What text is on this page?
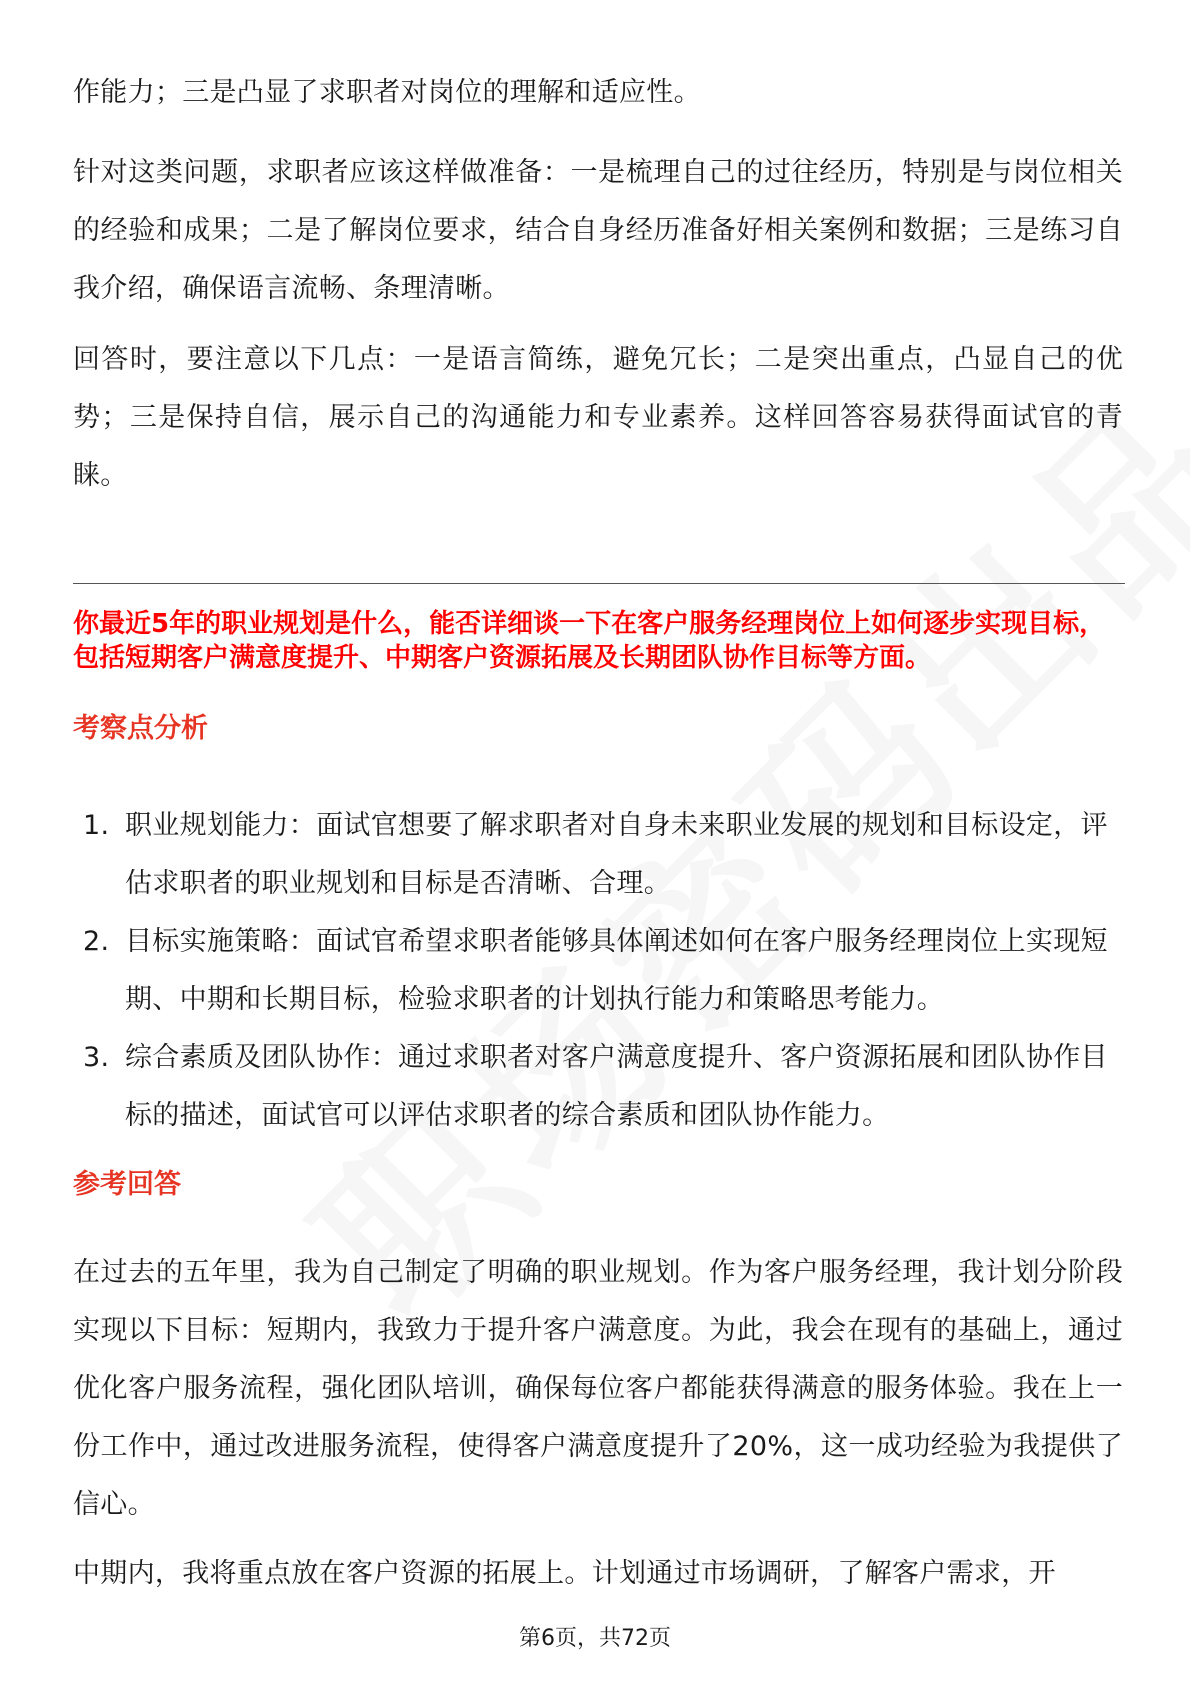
作能力；三是凸显了求职者对岗位的理解和适应性。

针对这类问题，求职者应该这样做准备：一是梳理自己的过往经历，特别是与岗位相关的经验和成果；二是了解岗位要求，结合自身经历准备好相关案例和数据；三是练习自我介绍，确保语言流畅、条理清晰。

回答时，要注意以下几点：一是语言简练，避免冗长；二是突出重点，凸显自己的优势；三是保持自信，展示自己的沟通能力和专业素养。这样回答容易获得面试官的青睐。

你最近5年的职业规划是什么，能否详细谈一下在客户服务经理岗位上如何逐步实现目标，包括短期客户满意度提升、中期客户资源拓展及长期团队协作目标等方面。

考察点分析

1. 职业规划能力：面试官想要了解求职者对自身未来职业发展的规划和目标设定，评估求职者的职业规划和目标是否清晰、合理。
2. 目标实施策略：面试官希望求职者能够具体阐述如何在客户服务经理岗位上实现短期、中期和长期目标，检验求职者的计划执行能力和策略思考能力。
3. 综合素质及团队协作：通过求职者对客户满意度提升、客户资源拓展和团队协作目标的描述，面试官可以评估求职者的综合素质和团队协作能力。

参考回答

在过去的五年里，我为自己制定了明确的职业规划。作为客户服务经理，我计划分阶段实现以下目标：短期内，我致力于提升客户满意度。为此，我会在现有的基础上，通过优化客户服务流程，强化团队培训，确保每位客户都能获得满意的服务体验。我在上一份工作中，通过改进服务流程，使得客户满意度提升了20%，这一成功经验为我提供了信心。

中期内，我将重点放在客户资源的拓展上。计划通过市场调研，了解客户需求，开

第6页，共72页
